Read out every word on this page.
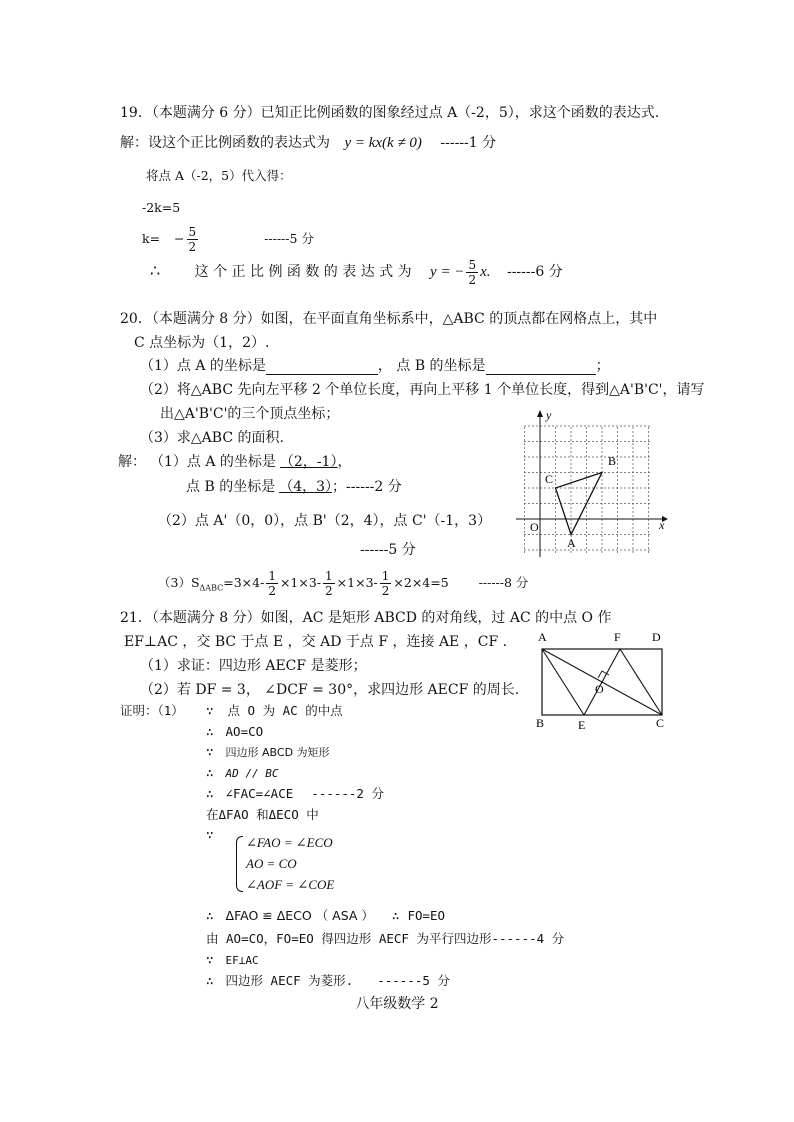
19．（本题满分 6 分）已知正比例函数的图象经过点 A（-2，5），求这个函数的表达式.
解：设这个正比例函数的表达式为 y = kx(k ≠ 0) ------1 分
将点 A（-2，5）代入得：
-2k=5
$k= - \frac{5}{2}$	------5 分
∴ 这 个 正 比 例 函 数 的 表 达 式 为 y = − $\frac{5}{2} x$. ------6 分
20．（本题满分 8 分）如图，在平面直角坐标系中，△ABC 的顶点都在网格点上，其中
C 点坐标为（1，2）.
（1）点 A 的坐标是	， 点 B 的坐标是	；
（2）将△ABC 先向左平移 2 个单位长度，再向上平移 1 个单位长度，得到△A'B'C'，请写
出△A'B'C'的三个顶点坐标；
（3）求△ABC 的面积.
解： （1）点 A 的坐标是 （2，-1），
点 B 的坐标是 （4，3）；------2 分
（2）点 A'（0，0），点 B'（2，4），点 C'（-1，3）
------5 分
$(3)S_{\Delta ABC}=3\times 4- \frac{1}{2} \times 1\times 3- \frac{1}{2} \times 1\times 3- \frac{1}{2} \times 2\times 4=5$ ------8 分
x
y
O
A
B
C
21．（本题满分 8 分）如图，AC 是矩形 ABCD 的对角线，过 AC 的中点 O 作
EF⊥AC ，交 BC 于点 E ，交 AD 于点 F ，连接 AE ，CF .
（1）求证：四边形 AECF 是菱形；
（2）若 DF = 3， ∠DCF = 30°，求四边形 AECF 的周长.
证明：（1） ∵ 点 O 为 AC 的中点
∴ AO=CO
∵ 四边形 ABCD 为矩形
∴ AD // BC
∴ ∠FAC=∠ACE ------2 分
在ΔFAO 和ΔECO 中
∵
∠FAO = ∠ECO
AO = CO
∠AOF = ∠COE
∴ ΔFAO ≌ ΔECO （ ASA ） ∴ FO=EO
由 AO=CO，FO=EO 得四边形 AECF 为平行四边形------4 分
∵ EF⊥AC
∴ 四边形 AECF 为菱形. ------5 分
A	F	D
B	E	C
O
八年级数学 2
